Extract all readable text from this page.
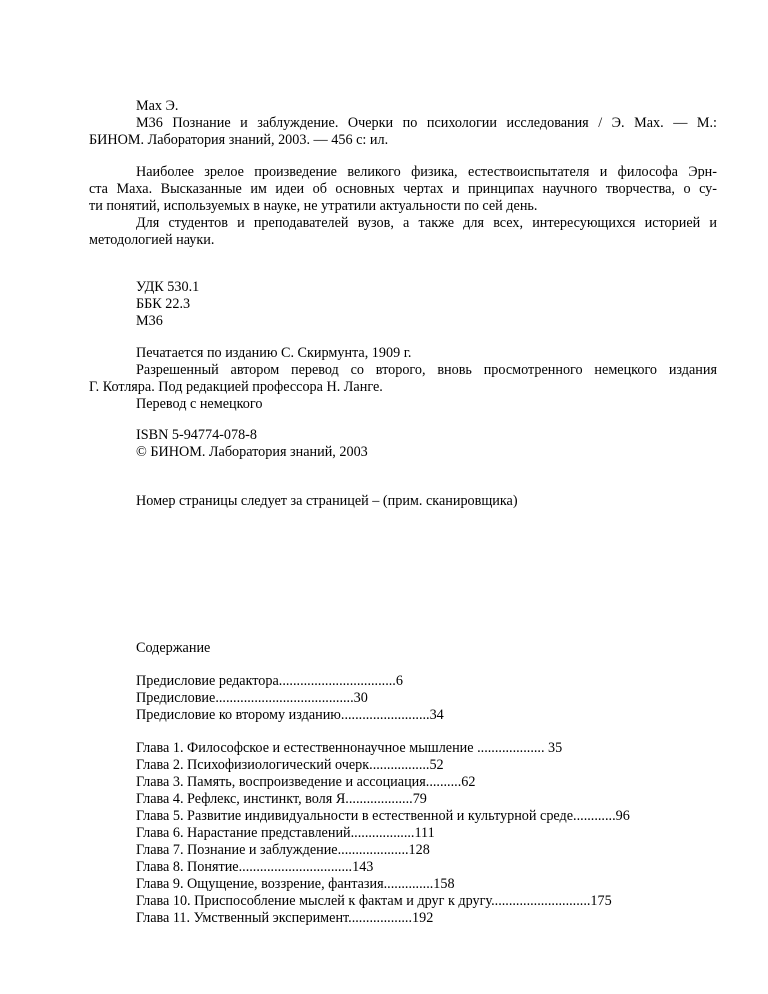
Мах Э.
М36 Познание и заблуждение. Очерки по психологии исследования / Э. Мах. — М.:
БИНОМ. Лаборатория знаний, 2003. — 456 с: ил.
Наиболее зрелое произведение великого физика, естествоиспытателя и философа Эрн-
ста Маха. Высказанные им идеи об основных чертах и принципах научного творчества, о су-
ти понятий, используемых в науке, не утратили актуальности по сей день.
Для студентов и преподавателей вузов, а также для всех, интересующихся историей и
методологией науки.
УДК 530.1
ББК 22.3
М36
Печатается по изданию С. Скирмунта, 1909 г.
Разрешенный автором перевод со второго, вновь просмотренного немецкого издания
Г. Котляра. Под редакцией профессора Н. Ланге.
Перевод с немецкого
ISBN 5-94774-078-8
© БИНОМ. Лаборатория знаний, 2003
Номер страницы следует за страницей – (прим. сканировщика)
Содержание
Предисловие редактора.................................6
Предисловие.......................................30
Предисловие ко второму изданию.........................34
Глава 1. Философское и естественнонаучное мышление ................... 35
Глава 2. Психофизиологический очерк.................52
Глава 3. Память, воспроизведение и ассоциация..........62
Глава 4. Рефлекс, инстинкт, воля Я...................79
Глава 5. Развитие индивидуальности в естественной и культурной среде............96
Глава 6. Нарастание представлений..................111
Глава 7. Познание и заблуждение....................128
Глава 8. Понятие................................143
Глава 9. Ощущение, воззрение, фантазия..............158
Глава 10. Приспособление мыслей к фактам и друг к другу............................175
Глава 11. Умственный эксперимент..................192
